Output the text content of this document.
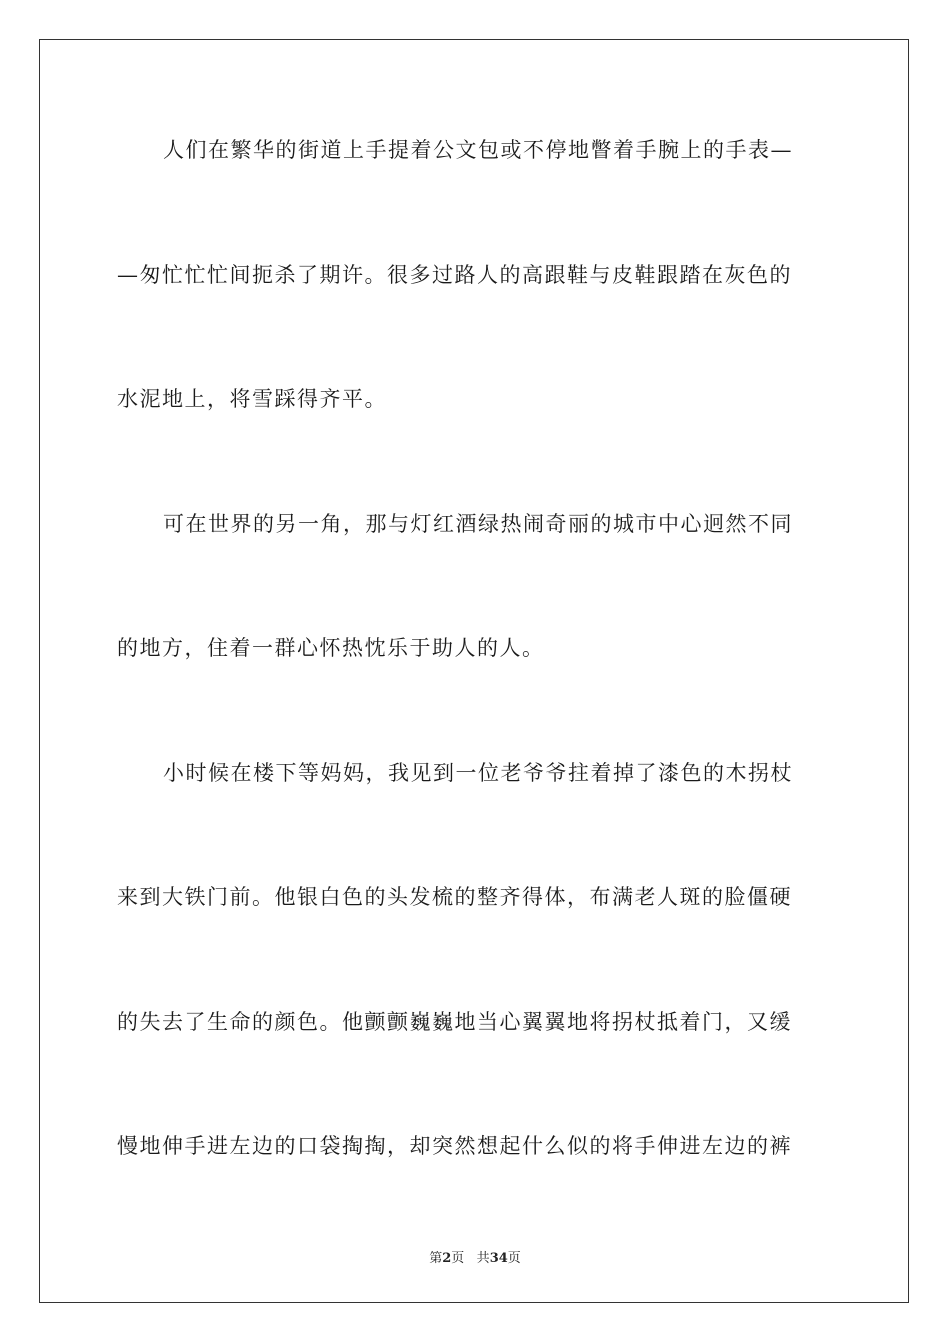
人们在繁华的街道上手提着公文包或不停地瞥着手腕上的手表—
—匆忙忙忙间扼杀了期许。很多过路人的高跟鞋与皮鞋跟踏在灰色的
水泥地上，将雪踩得齐平。
可在世界的另一角，那与灯红酒绿热闹奇丽的城市中心迥然不同
的地方，住着一群心怀热忱乐于助人的人。
小时候在楼下等妈妈，我见到一位老爷爷拄着掉了漆色的木拐杖
来到大铁门前。他银白色的头发梳的整齐得体，布满老人斑的脸僵硬
的失去了生命的颜色。他颤颤巍巍地当心翼翼地将拐杖抵着门，又缓
慢地伸手进左边的口袋掏掏，却突然想起什么似的将手伸进左边的裤
第2页 共34页
